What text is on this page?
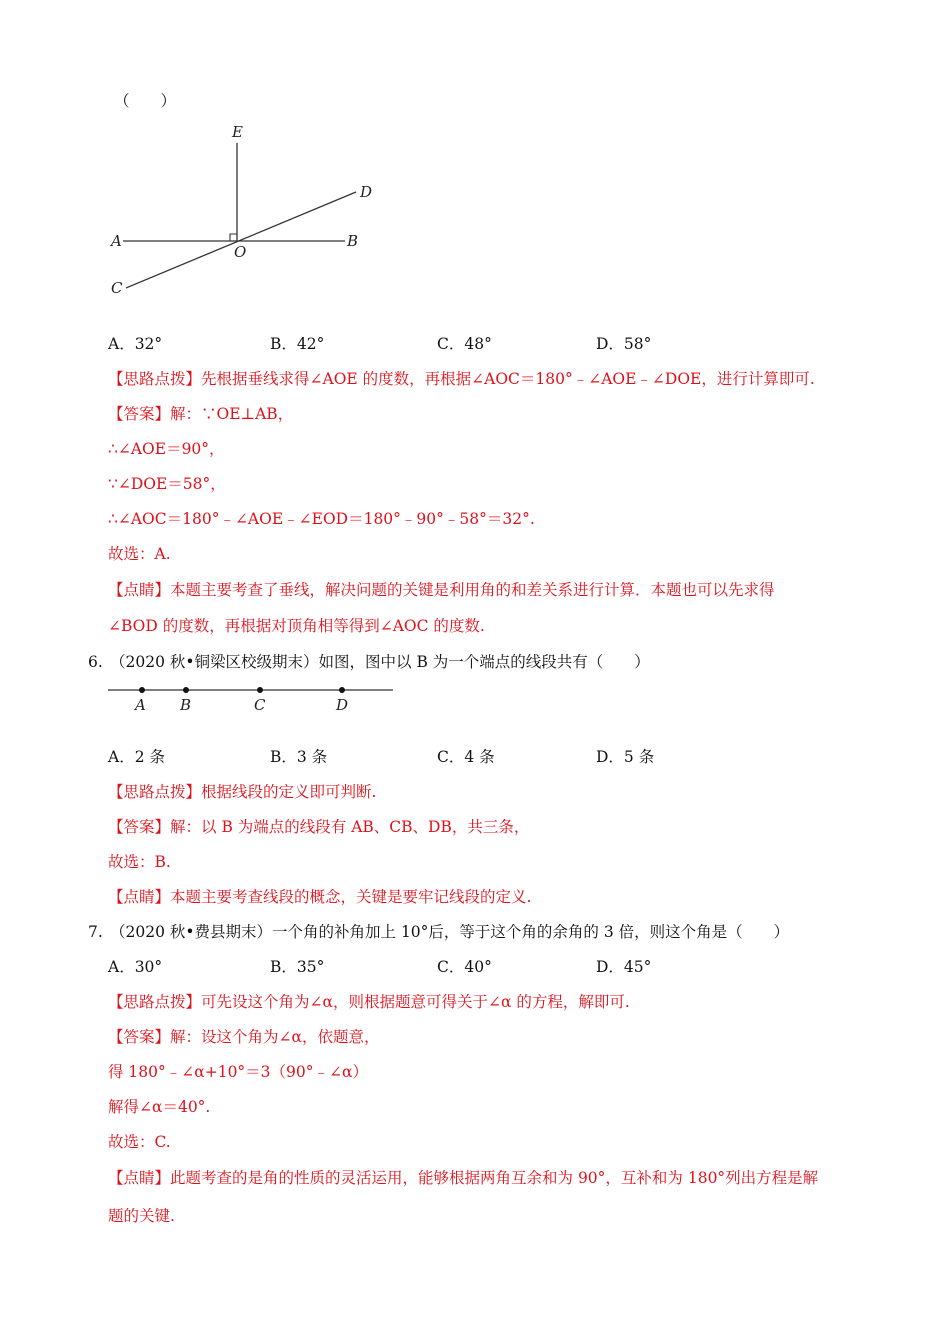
（　　）
E
D
A
O
B
C
A．32°	B．42°	C．48°	D．58°
【思路点拨】先根据垂线求得∠AOE 的度数，再根据∠AOC＝180°﹣∠AOE﹣∠DOE，进行计算即可.
【答案】解：∵OE⊥AB，
∴∠AOE＝90°，
∵∠DOE＝58°，
∴∠AOC＝180°﹣∠AOE﹣∠EOD＝180°﹣90°﹣58°＝32°.
故选：A.
【点睛】本题主要考查了垂线，解决问题的关键是利用角的和差关系进行计算．本题也可以先求得
∠BOD 的度数，再根据对顶角相等得到∠AOC 的度数.
6. （2020 秋•铜梁区校级期末）如图，图中以 B 为一个端点的线段共有（　　）
A B	C	D
A．2 条	B．3 条	C．4 条	D．5 条
【思路点拨】根据线段的定义即可判断.
【答案】解：以 B 为端点的线段有 AB、CB、DB，共三条，
故选：B.
【点睛】本题主要考查线段的概念，关键是要牢记线段的定义.
7. （2020 秋•费县期末）一个角的补角加上 10°后，等于这个角的余角的 3 倍，则这个角是（　　）
A．30°	B．35°	C．40°	D．45°
【思路点拨】可先设这个角为∠α，则根据题意可得关于∠α 的方程，解即可.
【答案】解：设这个角为∠α，依题意，
得 180°﹣∠α+10°＝3（90°﹣∠α）
解得∠α＝40°.
故选：C.
【点睛】此题考查的是角的性质的灵活运用，能够根据两角互余和为 90°，互补和为 180°列出方程是解
题的关键.
